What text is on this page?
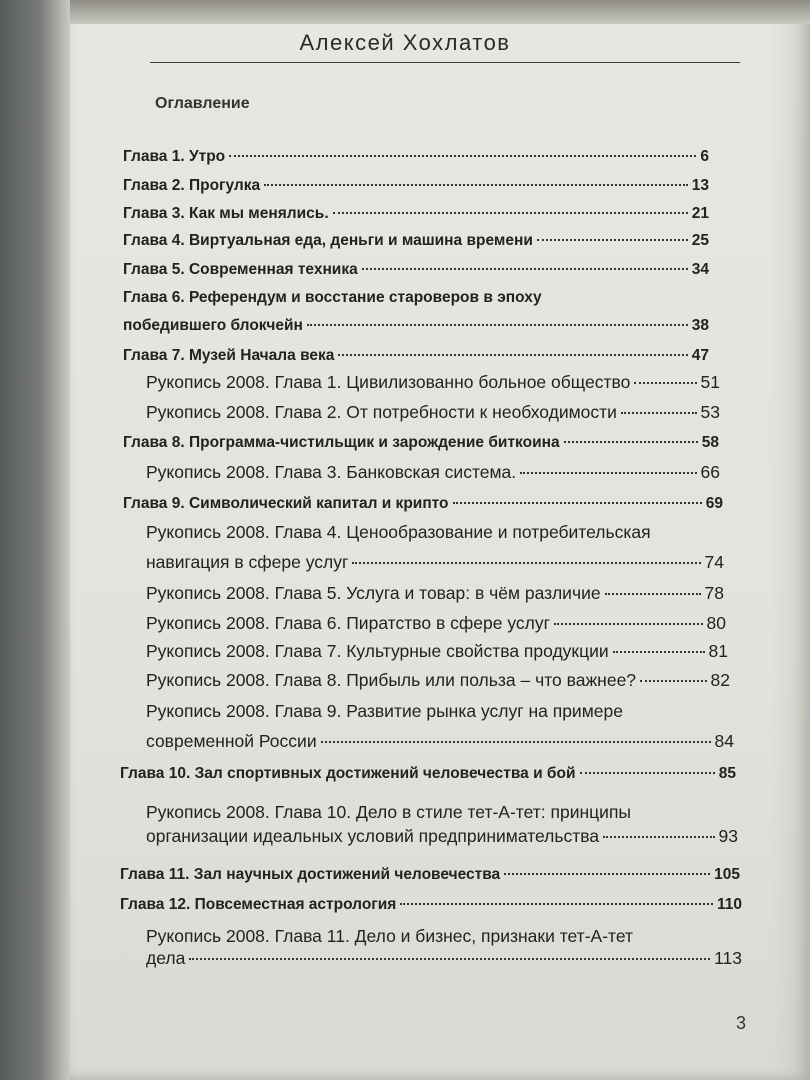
Алексей Хохлатов
Оглавление
Глава 1. Утро	6
Глава 2. Прогулка	13
Глава 3. Как мы менялись.	21
Глава 4. Виртуальная еда, деньги и машина времени	25
Глава 5. Современная техника	34
Глава 6. Референдум и восстание староверов в эпоху
победившего блокчейн	38
Глава 7. Музей Начала века	47
Рукопись 2008. Глава 1. Цивилизованно больное общество	51
Рукопись 2008. Глава 2. От потребности к необходимости	53
Глава 8. Программа-чистильщик и зарождение биткоина	58
Рукопись 2008. Глава 3. Банковская система.	66
Глава 9. Символический капитал и крипто	69
Рукопись 2008. Глава 4. Ценообразование и потребительская
навигация в сфере услуг	74
Рукопись 2008. Глава 5. Услуга и товар: в чём различие	78
Рукопись 2008. Глава 6. Пиратство в сфере услуг	80
Рукопись 2008. Глава 7. Культурные свойства продукции	81
Рукопись 2008. Глава 8. Прибыль или польза – что важнее?	82
Рукопись 2008. Глава 9. Развитие рынка услуг на примере
современной России	84
Глава 10. Зал спортивных достижений человечества и бой	85
Рукопись 2008. Глава 10. Дело в стиле тет-А-тет: принципы
организации идеальных условий предпринимательства	93
Глава 11. Зал научных достижений человечества	105
Глава 12. Повсеместная астрология	110
Рукопись 2008. Глава 11. Дело и бизнес, признаки тет-А-тет
дела	113
3
